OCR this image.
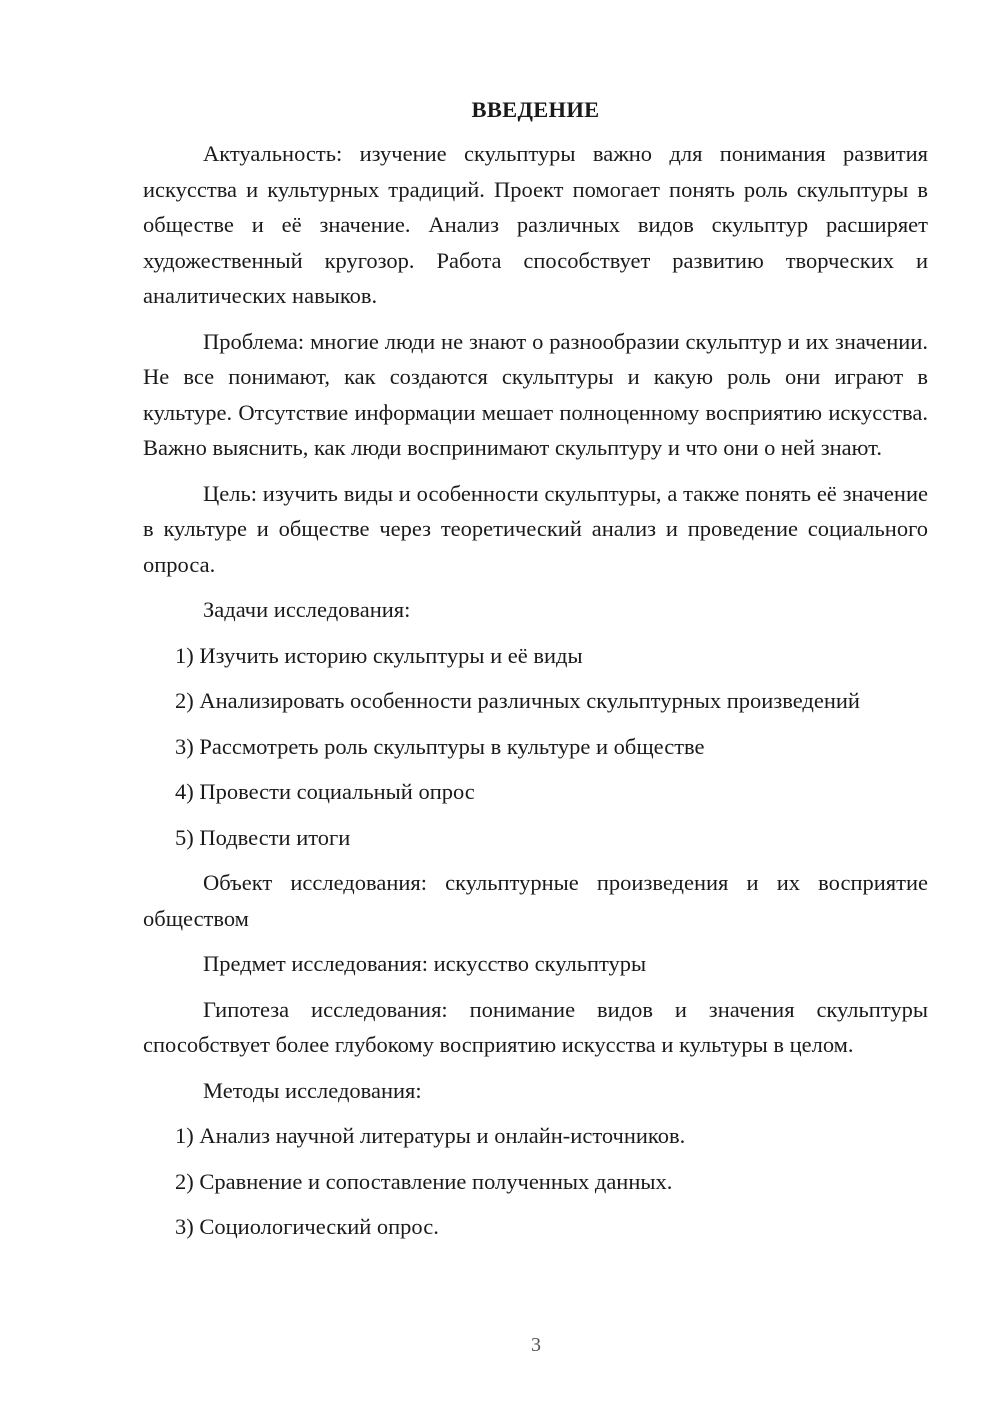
ВВЕДЕНИЕ

Актуальность: изучение скульптуры важно для понимания развития искусства и культурных традиций. Проект помогает понять роль скульптуры в обществе и её значение. Анализ различных видов скульптур расширяет художественный кругозор. Работа способствует развитию творческих и аналитических навыков.

Проблема: многие люди не знают о разнообразии скульптур и их значении. Не все понимают, как создаются скульптуры и какую роль они играют в культуре. Отсутствие информации мешает полноценному восприятию искусства. Важно выяснить, как люди воспринимают скульптуру и что они о ней знают.

Цель: изучить виды и особенности скульптуры, а также понять её значение в культуре и обществе через теоретический анализ и проведение социального опроса.

Задачи исследования:

1) Изучить историю скульптуры и её виды

2) Анализировать особенности различных скульптурных произведений

3) Рассмотреть роль скульптуры в культуре и обществе

4) Провести социальный опрос

5) Подвести итоги

Объект исследования: скульптурные произведения и их восприятие обществом

Предмет исследования: искусство скульптуры

Гипотеза исследования: понимание видов и значения скульптуры способствует более глубокому восприятию искусства и культуры в целом.

Методы исследования:

1) Анализ научной литературы и онлайн-источников.

2) Сравнение и сопоставление полученных данных.

3) Социологический опрос.

3
